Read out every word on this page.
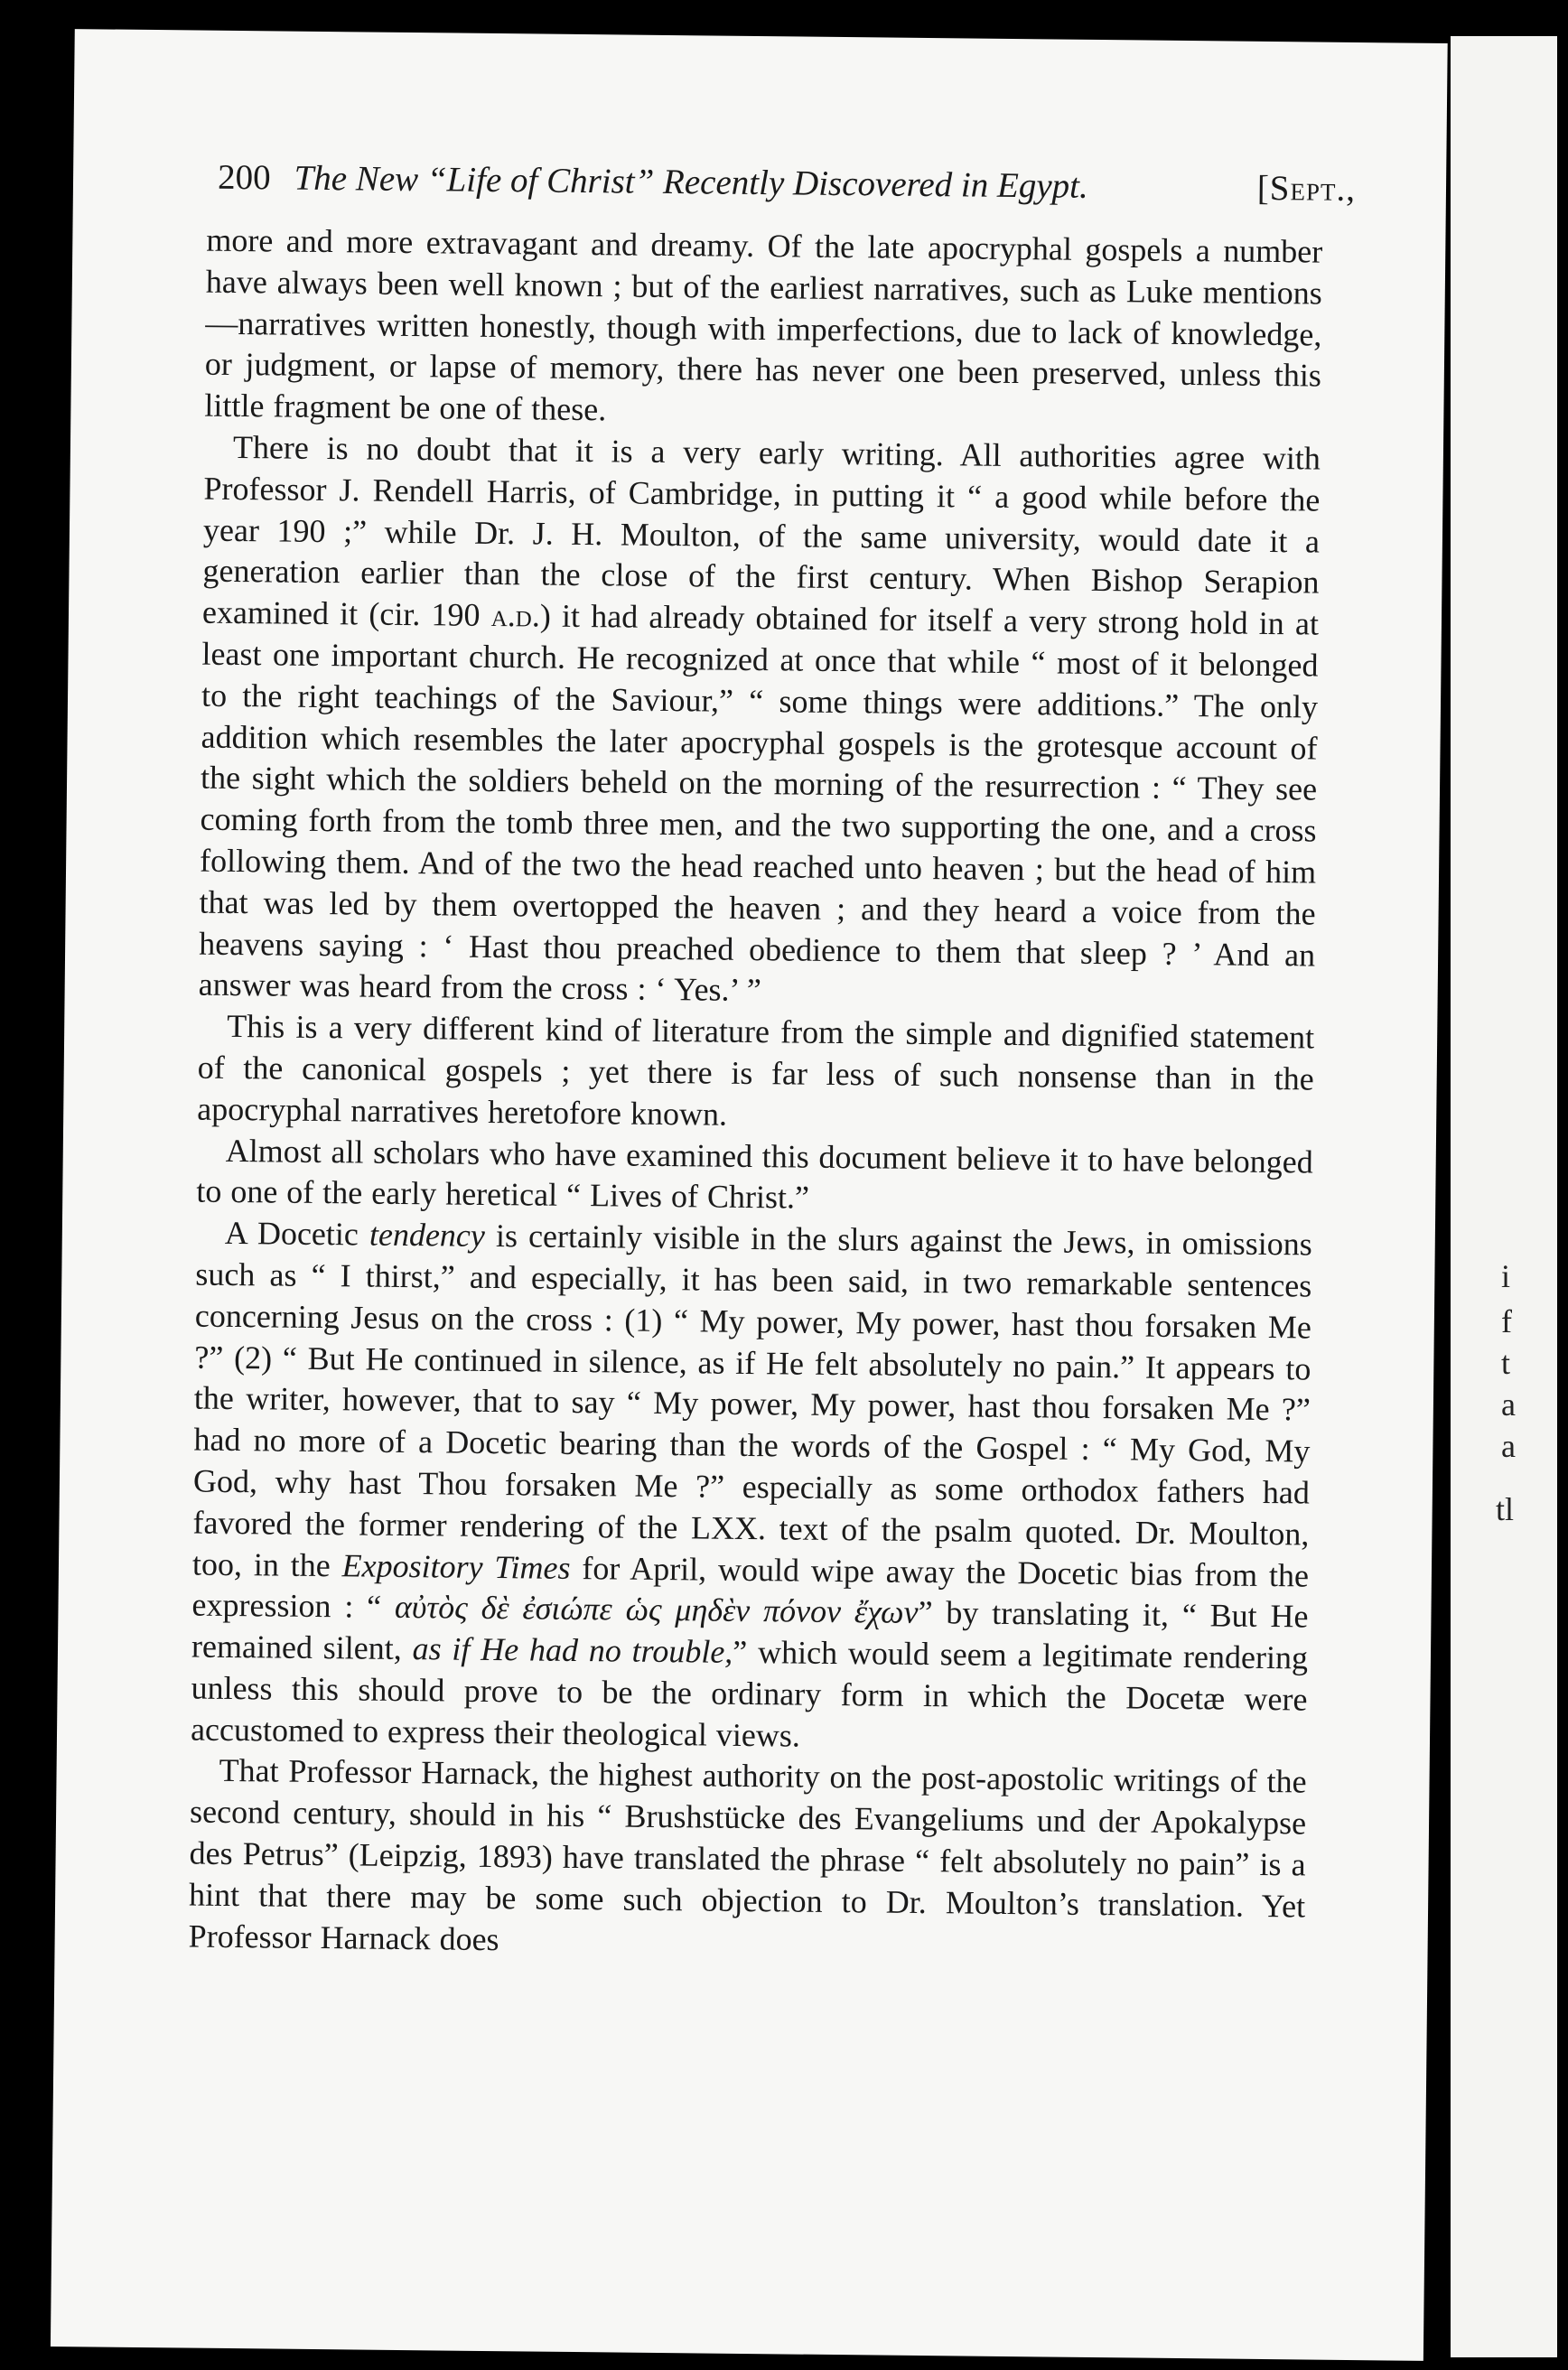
200 The New “Life of Christ” Recently Discovered in Egypt.	[Sept.,

more and more extravagant and dreamy. Of the late apocryphal gospels a number have always been well known ; but of the earliest narratives, such as Luke mentions—narratives written honestly, though with imperfections, due to lack of knowledge, or judgment, or lapse of memory, there has never one been preserved, unless this little fragment be one of these.

There is no doubt that it is a very early writing. All authorities agree with Professor J. Rendell Harris, of Cambridge, in putting it “ a good while before the year 190 ;” while Dr. J. H. Moulton, of the same university, would date it a generation earlier than the close of the first century. When Bishop Serapion examined it (cir. 190 a.d.) it had already obtained for itself a very strong hold in at least one important church. He recognized at once that while “ most of it belonged to the right teachings of the Saviour,” “ some things were additions.” The only addition which resembles the later apocryphal gospels is the grotesque account of the sight which the soldiers beheld on the morning of the resurrection : “ They see coming forth from the tomb three men, and the two supporting the one, and a cross following them. And of the two the head reached unto heaven ; but the head of him that was led by them overtopped the heaven ; and they heard a voice from the heavens saying : ‘ Hast thou preached obedience to them that sleep ? ’ And an answer was heard from the cross : ‘ Yes.’ ”

This is a very different kind of literature from the simple and dignified statement of the canonical gospels ; yet there is far less of such nonsense than in the apocryphal narratives heretofore known.

Almost all scholars who have examined this document believe it to have belonged to one of the early heretical “ Lives of Christ.”

A Docetic tendency is certainly visible in the slurs against the Jews, in omissions such as “ I thirst,” and especially, it has been said, in two remarkable sentences concerning Jesus on the cross : (1) “ My power, My power, hast thou forsaken Me ?” (2) “ But He continued in silence, as if He felt absolutely no pain.” It appears to the writer, however, that to say “ My power, My power, hast thou forsaken Me ?” had no more of a Docetic bearing than the words of the Gospel : “ My God, My God, why hast Thou forsaken Me ?” especially as some orthodox fathers had favored the former rendering of the LXX. text of the psalm quoted. Dr. Moulton, too, in the Expository Times for April, would wipe away the Docetic bias from the expression : “ αὐτὸς δὲ ἐσιώπε ὡς μηδὲν πόνον ἔχων” by translating it, “ But He remained silent, as if He had no trouble,” which would seem a legitimate rendering unless this should prove to be the ordinary form in which the Docetæ were accustomed to express their theological views.

That Professor Harnack, the highest authority on the post-apostolic writings of the second century, should in his “ Brushstücke des Evangeliums und der Apokalypse des Petrus” (Leipzig, 1893) have translated the phrase “ felt absolutely no pain” is a hint that there may be some such objection to Dr. Moulton’s translation. Yet Professor Harnack does

i
f
t
a
a
tl
